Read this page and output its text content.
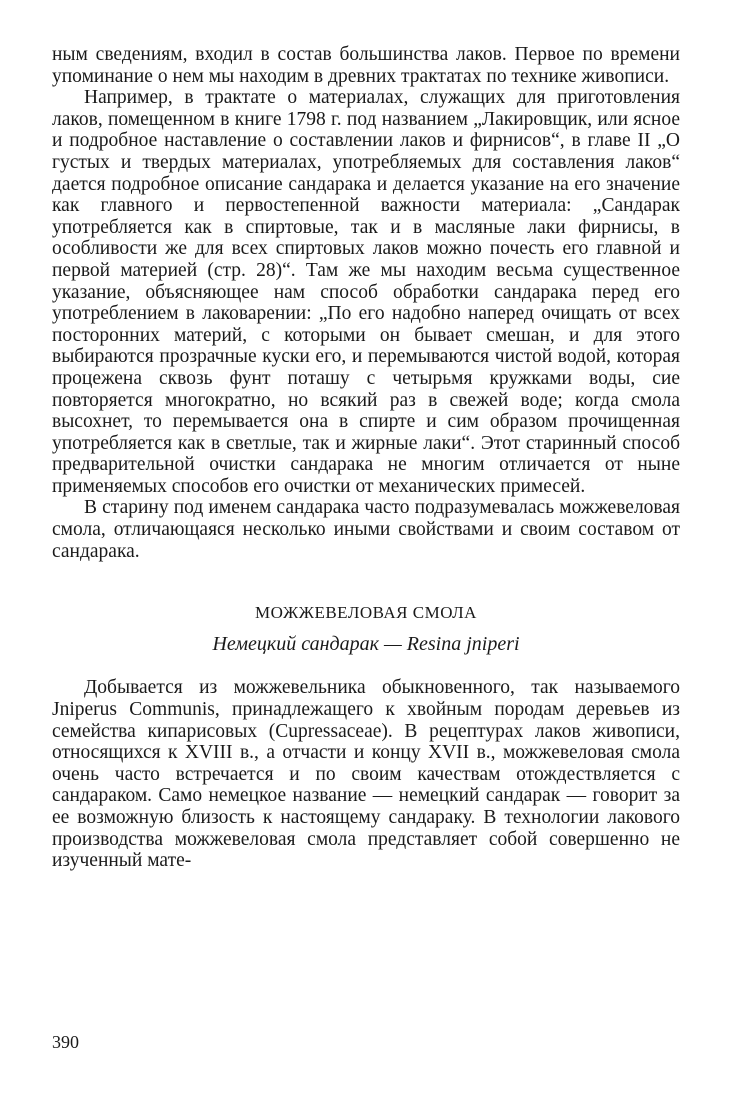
ным сведениям, входил в состав большинства лаков. Первое по времени упоминание о нем мы находим в древних трактатах по технике живописи.

Например, в трактате о материалах, служащих для приготовления лаков, помещенном в книге 1798 г. под названием „Лакировщик, или ясное и подробное наставление о составлении лаков и фирнисов“, в главе II „О густых и твердых материалах, употребляемых для составления лаков“ дается подробное описание сандарака и делается указание на его значение как главного и первостепенной важности материала: „Сандарак употребляется как в спиртовые, так и в масляные лаки фирнисы, в особливости же для всех спиртовых лаков можно почесть его главной и первой материей (стр. 28)“. Там же мы находим весьма существенное указание, объясняющее нам способ обработки сандарака перед его употреблением в лаковарении: „По его надобно наперед очищать от всех посторонних материй, с которыми он бывает смешан, и для этого выбираются прозрачные куски его, и перемываются чистой водой, которая процежена сквозь фунт поташу с четырьмя кружками воды, сие повторяется многократно, но всякий раз в свежей воде; когда смола высохнет, то перемывается она в спирте и сим образом прочищенная употребляется как в светлые, так и жирные лаки“. Этот старинный способ предварительной очистки сандарака не многим отличается от ныне применяемых способов его очистки от механических примесей.

В старину под именем сандарака часто подразумевалась можжевеловая смола, отличающаяся несколько иными свойствами и своим составом от сандарака.

МОЖЖЕВЕЛОВАЯ СМОЛА
Немецкий сандарак — Resina jniperi

Добывается из можжевельника обыкновенного, так называемого Jniperus Communis, принадлежащего к хвойным породам деревьев из семейства кипарисовых (Cupressaceae). В рецептурах лаков живописи, относящихся к XVIII в., а отчасти и концу XVII в., можжевеловая смола очень часто встречается и по своим качествам отождествляется с сандараком. Само немецкое название — немецкий сандарак — говорит за ее возможную близость к настоящему сандараку. В технологии лакового производства можжевеловая смола представляет собой совершенно не изученный мате-

390
